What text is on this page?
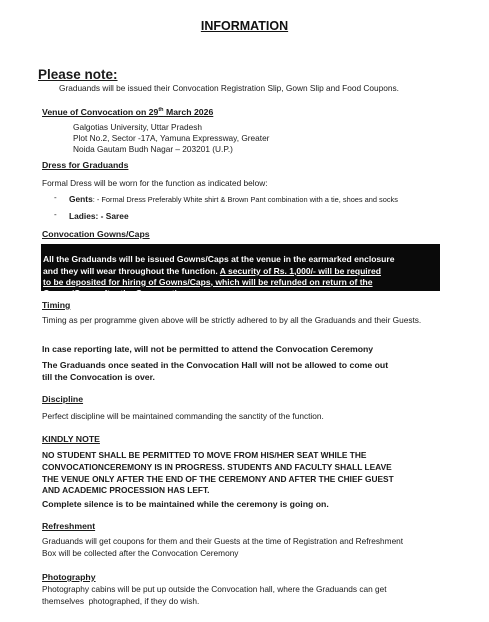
INFORMATION

Please note:

Graduands will be issued their Convocation Registration Slip, Gown Slip and Food Coupons.

Venue of Convocation on 29th March 2026

Galgotias University, Uttar Pradesh

Plot No.2, Sector -17A, Yamuna Expressway, Greater

Noida Gautam Budh Nagar – 203201 (U.P.)

Dress for Graduands

Formal Dress will be worn for the function as indicated below:

- Gents: - Formal Dress Preferably White shirt & Brown Pant combination with a tie, shoes and socks

- Ladies: - Saree

Convocation Gowns/Caps

All the Graduands will be issued Gowns/Caps at the venue in the earmarked enclosure

and they will wear throughout the function. A security of Rs. 1,000/- will be required

to be deposited for hiring of Gowns/Caps, which will be refunded on return of the

Gowns/Caps, after the Convocation.

Timing

Timing as per programme given above will be strictly adhered to by all the Graduands and their Guests.

In case reporting late, will not be permitted to attend the Convocation Ceremony

The Graduands once seated in the Convocation Hall will not be allowed to come out

till the Convocation is over.

Discipline

Perfect discipline will be maintained commanding the sanctity of the function.

KINDLY NOTE

NO STUDENT SHALL BE PERMITTED TO MOVE FROM HIS/HER SEAT WHILE THE

CONVOCATIONCEREMONY IS IN PROGRESS. STUDENTS AND FACULTY SHALL LEAVE

THE VENUE ONLY AFTER THE END OF THE CEREMONY AND AFTER THE CHIEF GUEST

AND ACADEMIC PROCESSION HAS LEFT.

Complete silence is to be maintained while the ceremony is going on.

Refreshment

Graduands will get coupons for them and their Guests at the time of Registration and Refreshment

Box will be collected after the Convocation Ceremony

Photography

Photography cabins will be put up outside the Convocation hall, where the Graduands can get

themselves  photographed, if they do wish.
